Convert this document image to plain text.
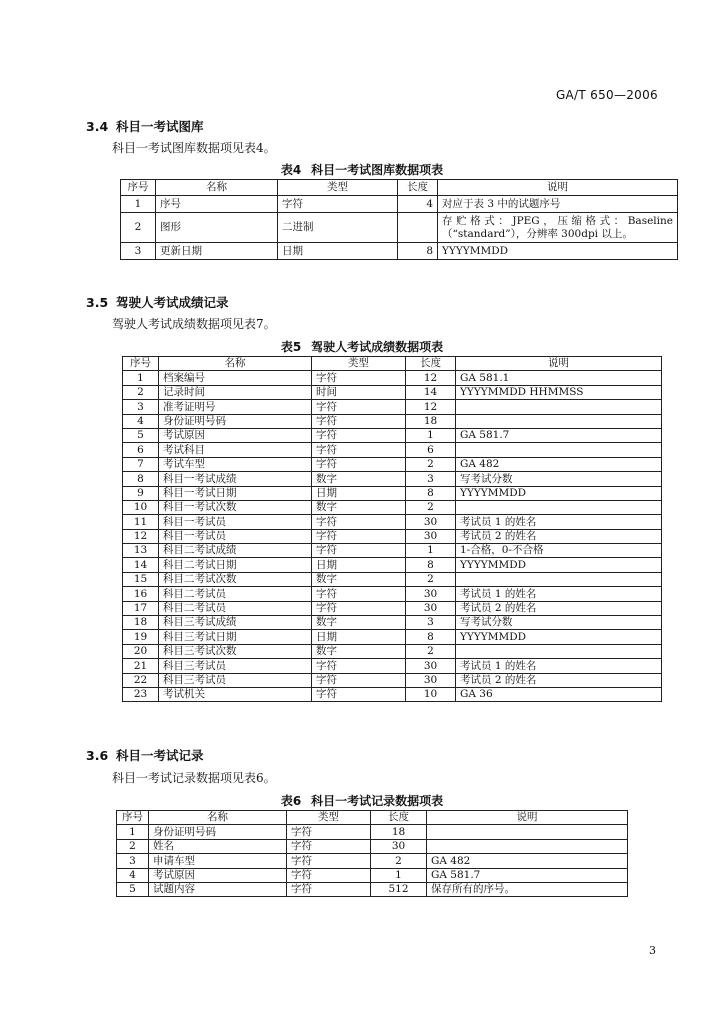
GA/T 650—2006
3.4 科目一考试图库
科目一考试图库数据项见表4。
表4 科目一考试图库数据项表
序号	名称	类型	长度	说明
1	序号	字符	4	对应于表 3 中的试题序号
2	图形	二进制		存贮格式：JPEG，压缩格式：Baseline（“standard”），分辨率 300dpi 以上。
3	更新日期	日期	8	YYYYMMDD
3.5 驾驶人考试成绩记录
驾驶人考试成绩数据项见表7。
表5 驾驶人考试成绩数据项表
序号	名称	类型	长度	说明
1	档案编号	字符	12	GA 581.1
2	记录时间	时间	14	YYYYMMDD HHMMSS
3	准考证明号	字符	12	
4	身份证明号码	字符	18	
5	考试原因	字符	1	GA 581.7
6	考试科目	字符	6	
7	考试车型	字符	2	GA 482
8	科目一考试成绩	数字	3	写考试分数
9	科目一考试日期	日期	8	YYYYMMDD
10	科目一考试次数	数字	2	
11	科目一考试员	字符	30	考试员 1 的姓名
12	科目一考试员	字符	30	考试员 2 的姓名
13	科目二考试成绩	字符	1	1-合格，0-不合格
14	科目二考试日期	日期	8	YYYYMMDD
15	科目二考试次数	数字	2	
16	科目二考试员	字符	30	考试员 1 的姓名
17	科目二考试员	字符	30	考试员 2 的姓名
18	科目三考试成绩	数字	3	写考试分数
19	科目三考试日期	日期	8	YYYYMMDD
20	科目三考试次数	数字	2	
21	科目三考试员	字符	30	考试员 1 的姓名
22	科目三考试员	字符	30	考试员 2 的姓名
23	考试机关	字符	10	GA 36
3.6 科目一考试记录
科目一考试记录数据项见表6。
表6 科目一考试记录数据项表
序号	名称	类型	长度	说明
1	身份证明号码	字符	18	
2	姓名	字符	30	
3	申请车型	字符	2	GA 482
4	考试原因	字符	1	GA 581.7
5	试题内容	字符	512	保存所有的序号。
3
